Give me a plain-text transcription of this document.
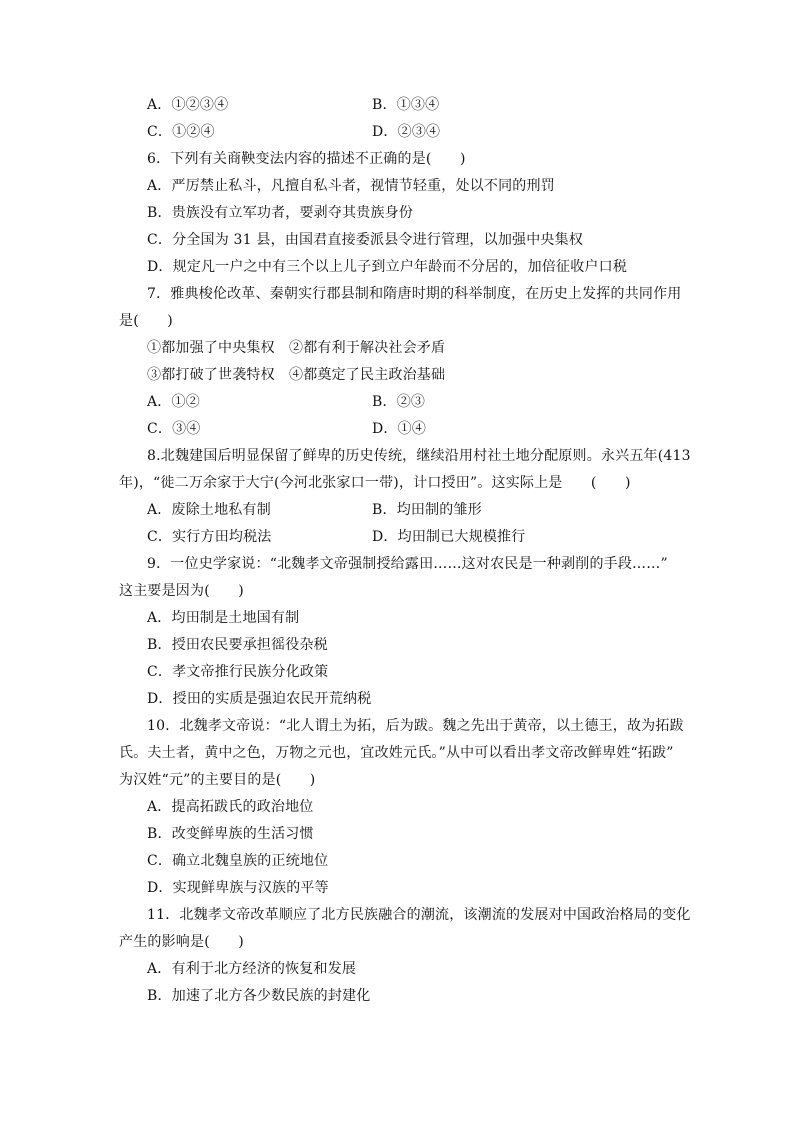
A．①②③④	B．①③④
C．①②④	D．②③④
6．下列有关商鞅变法内容的描述不正确的是(　　)
A．严厉禁止私斗，凡擅自私斗者，视情节轻重，处以不同的刑罚
B．贵族没有立军功者，要剥夺其贵族身份
C．分全国为 31 县，由国君直接委派县令进行管理，以加强中央集权
D．规定凡一户之中有三个以上儿子到立户年龄而不分居的，加倍征收户口税
7．雅典梭伦改革、秦朝实行郡县制和隋唐时期的科举制度，在历史上发挥的共同作用
是(　　)
①都加强了中央集权　②都有利于解决社会矛盾
③都打破了世袭特权　④都奠定了民主政治基础
A．①②	B．②③
C．③④	D．①④
8.北魏建国后明显保留了鲜卑的历史传统，继续沿用村社土地分配原则。永兴五年(413
年)，“徙二万余家于大宁(今河北张家口一带)，计口授田”。这实际上是　　(　　)
A．废除土地私有制	B．均田制的雏形
C．实行方田均税法	D．均田制已大规模推行
9．一位史学家说：“北魏孝文帝强制授给露田……这对农民是一种剥削的手段……”
这主要是因为(　　)
A．均田制是土地国有制
B．授田农民要承担徭役杂税
C．孝文帝推行民族分化政策
D．授田的实质是强迫农民开荒纳税
10．北魏孝文帝说：“北人谓土为拓，后为跋。魏之先出于黄帝，以土德王，故为拓跋
氏。夫土者，黄中之色，万物之元也，宜改姓元氏。”从中可以看出孝文帝改鲜卑姓“拓跋”
为汉姓“元”的主要目的是(　　)
A．提高拓跋氏的政治地位
B．改变鲜卑族的生活习惯
C．确立北魏皇族的正统地位
D．实现鲜卑族与汉族的平等
11．北魏孝文帝改革顺应了北方民族融合的潮流，该潮流的发展对中国政治格局的变化
产生的影响是(　　)
A．有利于北方经济的恢复和发展
B．加速了北方各少数民族的封建化
